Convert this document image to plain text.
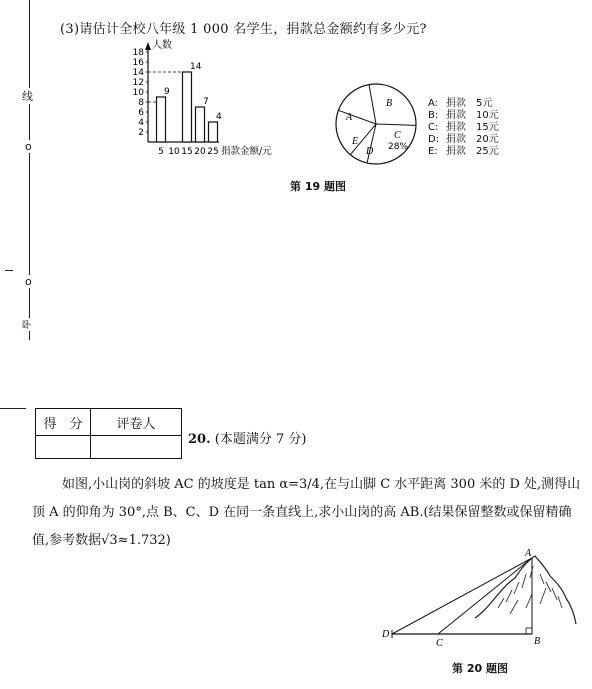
线
o
o
卧
(3)请估计全校八年级 1 000 名学生，捐款总金额约有多少元?
人数
18
16
14
12
10
8
6
4
2
5 10 15 20 25
9
14
7
4
捐款金额/元
A
B
C
D
E	28%
A: 捐款 5元
B: 捐款 10元
C: 捐款 15元
D: 捐款 20元
E: 捐款 25元
第 19 题图
得　分	评卷人

20. (本题满分 7 分)
如图,小山岗的斜坡 AC 的坡度是 tan α=3/4,在与山脚 C 水平距离 300 米的 D 处,测得山
顶 A 的仰角为 30°,点 B、C、D 在同一条直线上,求小山岗的高 AB.(结果保留整数或保留精确
值,参考数据√3≈1.732)
A
B
C
D
第 20 题图
